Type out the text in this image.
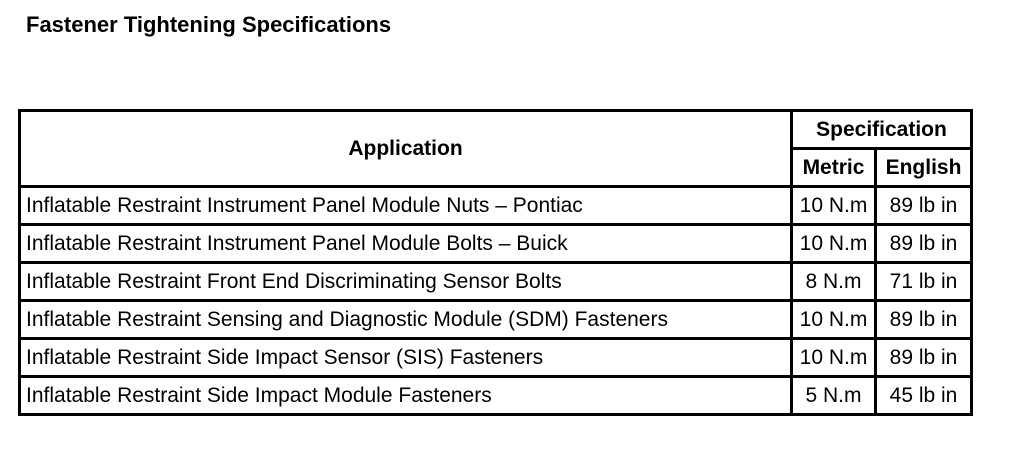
Fastener Tightening Specifications
Application	Specification	
	Metric	English
Inflatable Restraint Instrument Panel Module Nuts – Pontiac	10 N.m	89 lb in
Inflatable Restraint Instrument Panel Module Bolts – Buick	10 N.m	89 lb in
Inflatable Restraint Front End Discriminating Sensor Bolts	8 N.m	71 lb in
Inflatable Restraint Sensing and Diagnostic Module (SDM) Fasteners	10 N.m	89 lb in
Inflatable Restraint Side Impact Sensor (SIS) Fasteners	10 N.m	89 lb in
Inflatable Restraint Side Impact Module Fasteners	5 N.m	45 lb in
